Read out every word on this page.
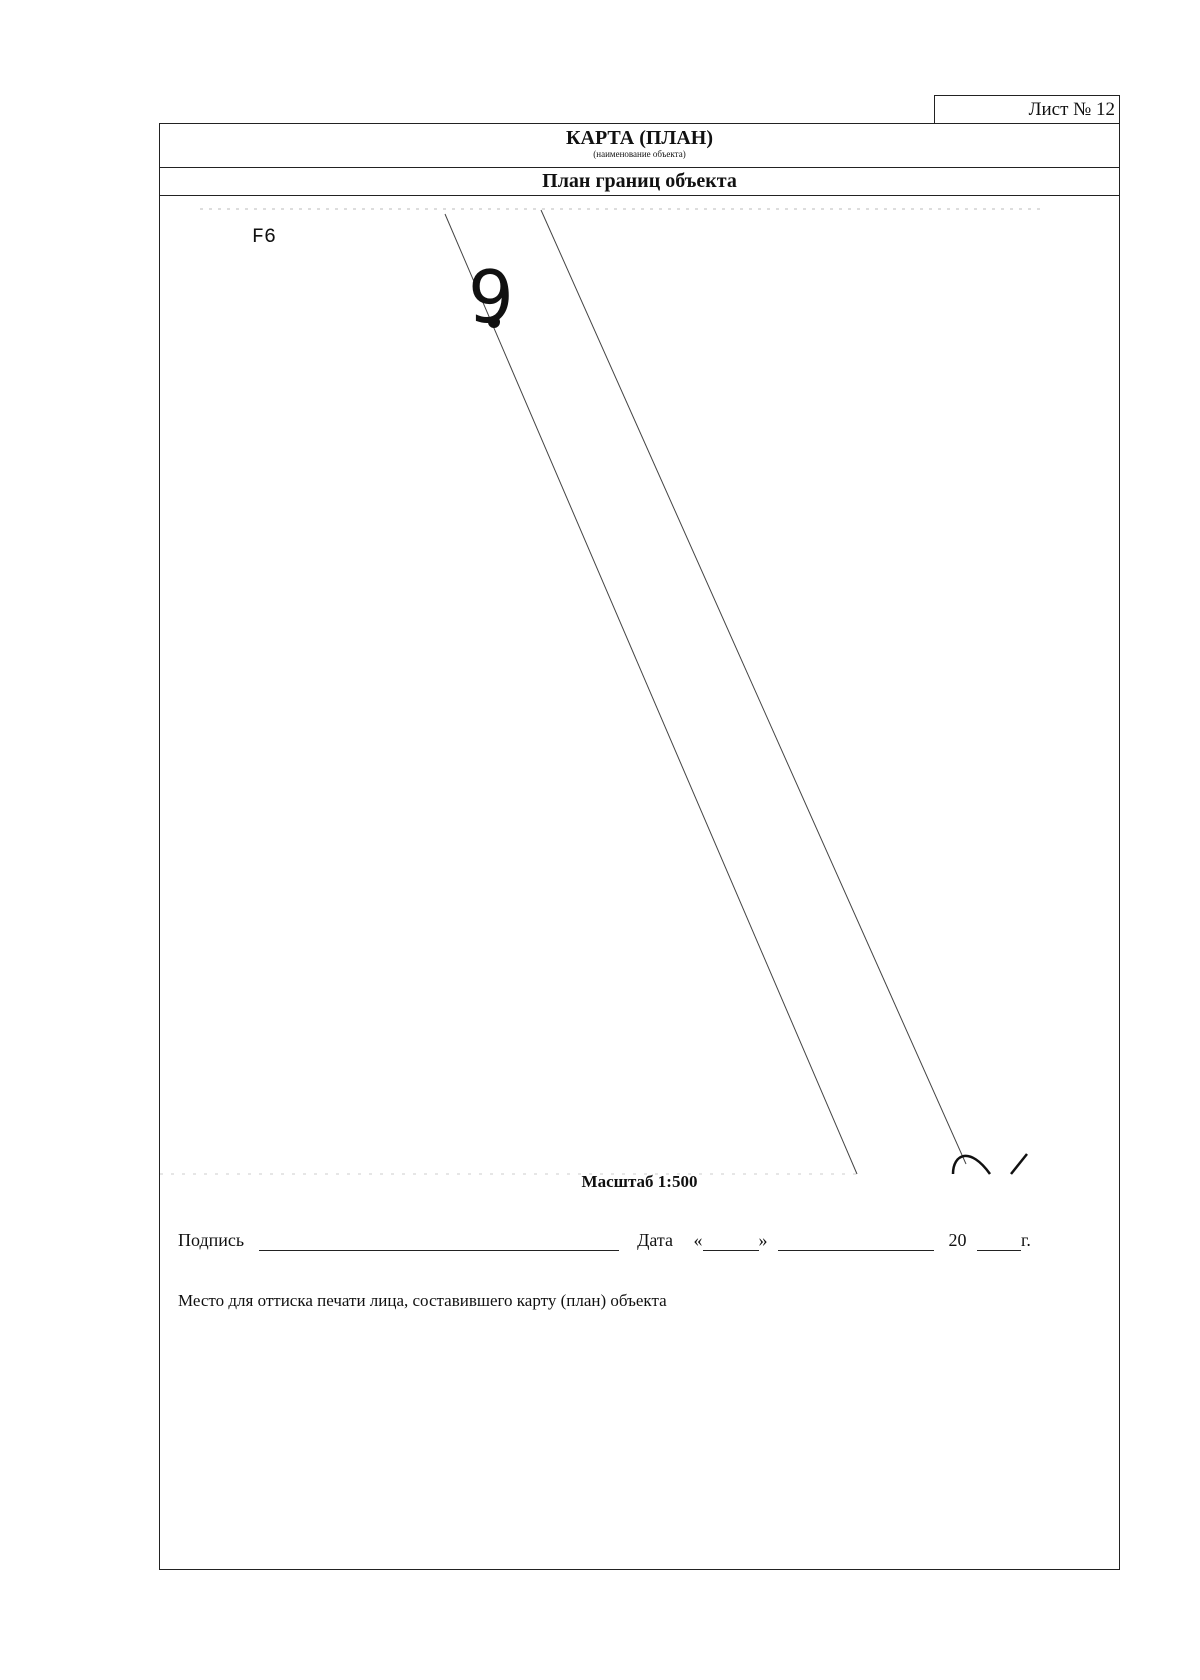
Лист № 12
КАРТА (ПЛАН)
(наименование объекта)
План границ объекта
F6
9
Масштаб 1:500
Подпись	Дата «	»	20	г.
Место для оттиска печати лица, составившего карту (план) объекта
